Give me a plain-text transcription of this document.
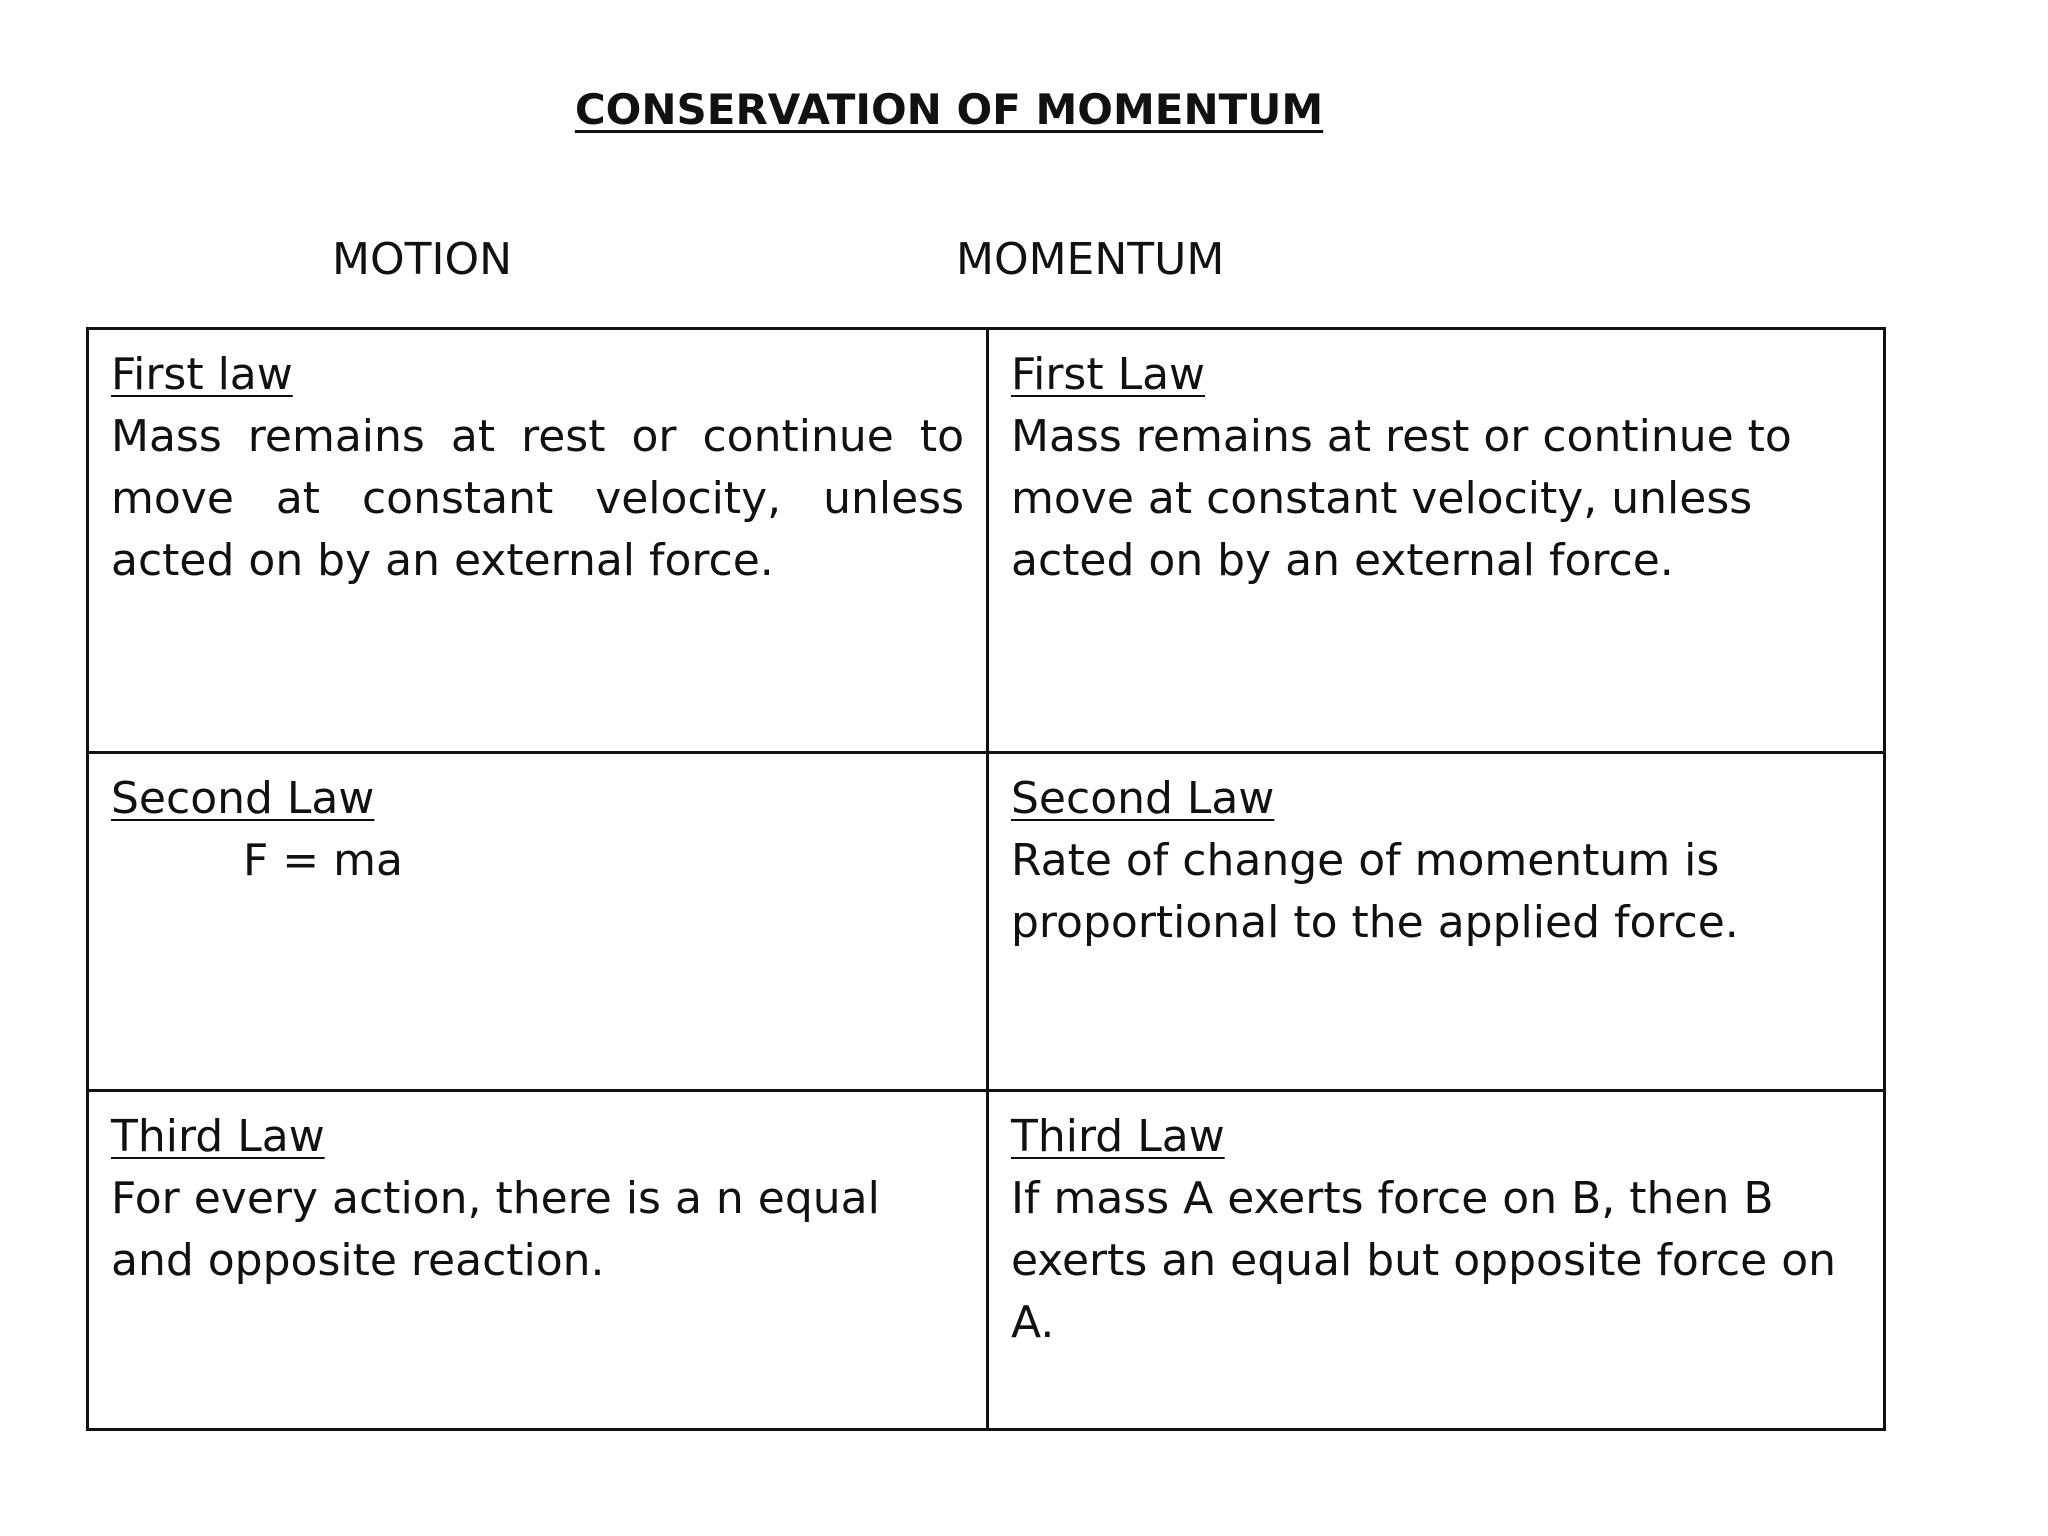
CONSERVATION OF MOMENTUM
MOTION	MOMENTUM

First law

Mass remains at rest or continue to move at constant velocity, unless acted on by an external force.

First Law

Mass remains at rest or continue to move at constant velocity, unless acted on by an external force.

Second Law

F = ma

Second Law

Rate of change of momentum is proportional to the applied force.

Third Law

For every action, there is a n equal and opposite reaction.

Third Law

If mass A exerts force on B, then B exerts an equal but opposite force on A.
